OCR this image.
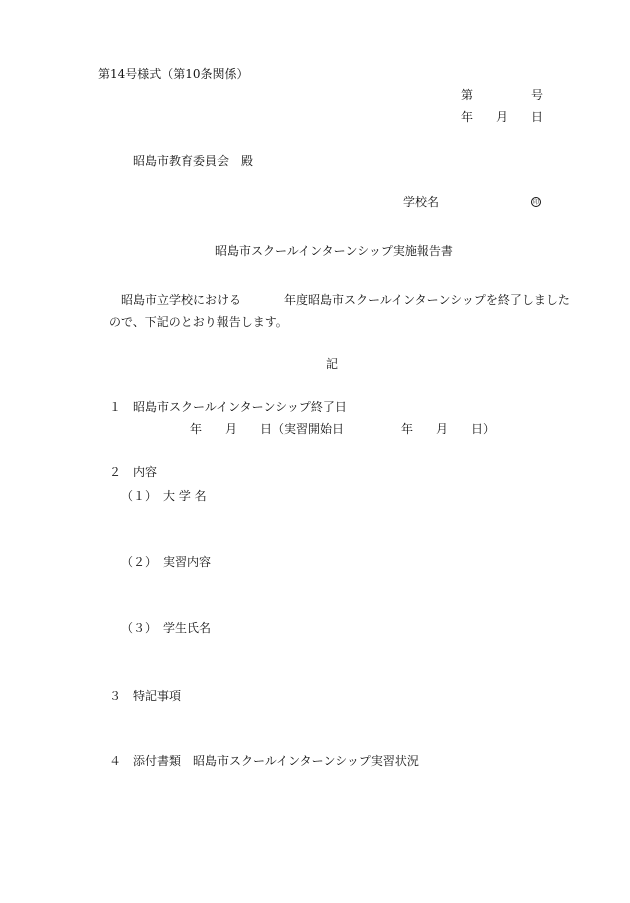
第14号様式（第10条関係）
第	号
年 月 日
昭島市教育委員会　殿
学校名	印
昭島市スクールインターンシップ実施報告書
昭島市立学校における	年度昭島市スクールインターンシップを終了しました
ので、下記のとおり報告します。
記
１　昭島市スクールインターンシップ終了日
年 月 日（実習開始日	年 月 日）
２　内容
（１）　大 学 名
（２）　実習内容
（３）　学生氏名
３　特記事項
４　添付書類　昭島市スクールインターンシップ実習状況
